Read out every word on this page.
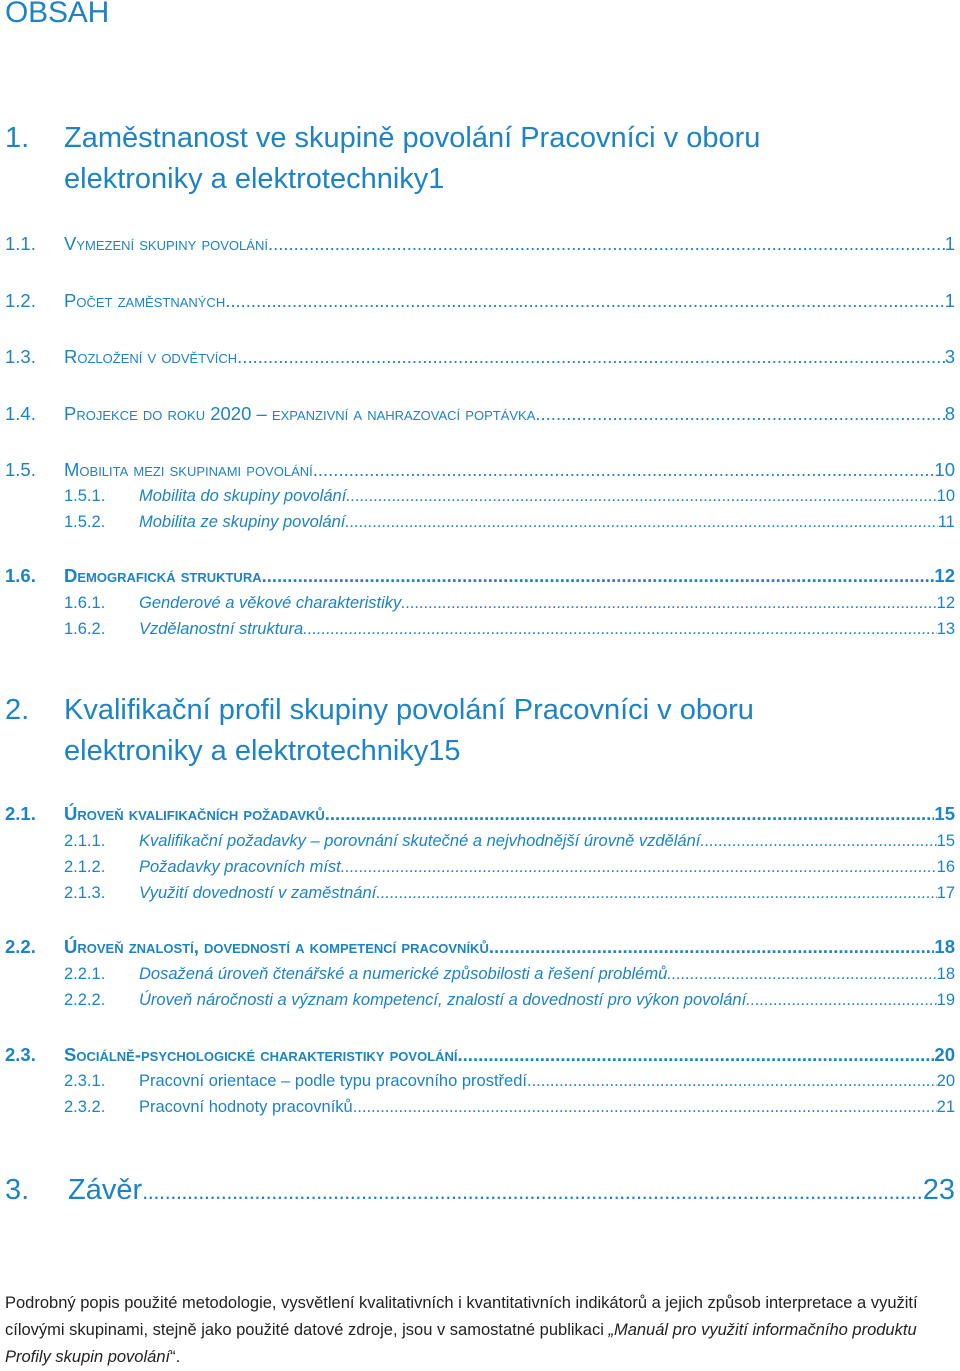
OBSAH
1. Zaměstnanost ve skupině povolání Pracovníci v oboru
elektroniky a elektrotechniky 1
1.1.	Vymezení skupiny povolání .....	1
1.2.	Počet zaměstnaných .....	1
1.3.	Rozložení v odvětvích .....	3
1.4.	Projekce do roku 2020 – expanzivní a nahrazovací poptávka .....	8
1.5.	Mobilita mezi skupinami povolání .....	10
1.5.1.	Mobilita do skupiny povolání .....	10
1.5.2.	Mobilita ze skupiny povolání .....	11
1.6.	Demografická struktura .....	12
1.6.1.	Genderové a věkové charakteristiky .....	12
1.6.2.	Vzdělanostní struktura .....	13
2. Kvalifikační profil skupiny povolání Pracovníci v oboru
elektroniky a elektrotechniky 15
2.1.	Úroveň kvalifikačních požadavků .....	15
2.1.1.	Kvalifikační požadavky – porovnání skutečné a nejvhodnější úrovně vzdělání .....	15
2.1.2.	Požadavky pracovních míst .....	16
2.1.3.	Využití dovedností v zaměstnání .....	17
2.2.	Úroveň znalostí, dovedností a kompetencí pracovníků .....	18
2.2.1.	Dosažená úroveň čtenářské a numerické způsobilosti a řešení problémů .....	18
2.2.2.	Úroveň náročnosti a význam kompetencí, znalostí a dovedností pro výkon povolání .....	19
2.3.	Sociálně-psychologické charakteristiky povolání .....	20
2.3.1.	Pracovní orientace – podle typu pracovního prostředí .....	20
2.3.2.	Pracovní hodnoty pracovníků .....	21
3.	Závěr .....	23
Podrobný popis použité metodologie, vysvětlení kvalitativních i kvantitativních indikátorů a jejich způsob interpretace a využití cílovými skupinami, stejně jako použité datové zdroje, jsou v samostatné publikaci „Manuál pro využití informačního produktu Profily skupin povolání“.
